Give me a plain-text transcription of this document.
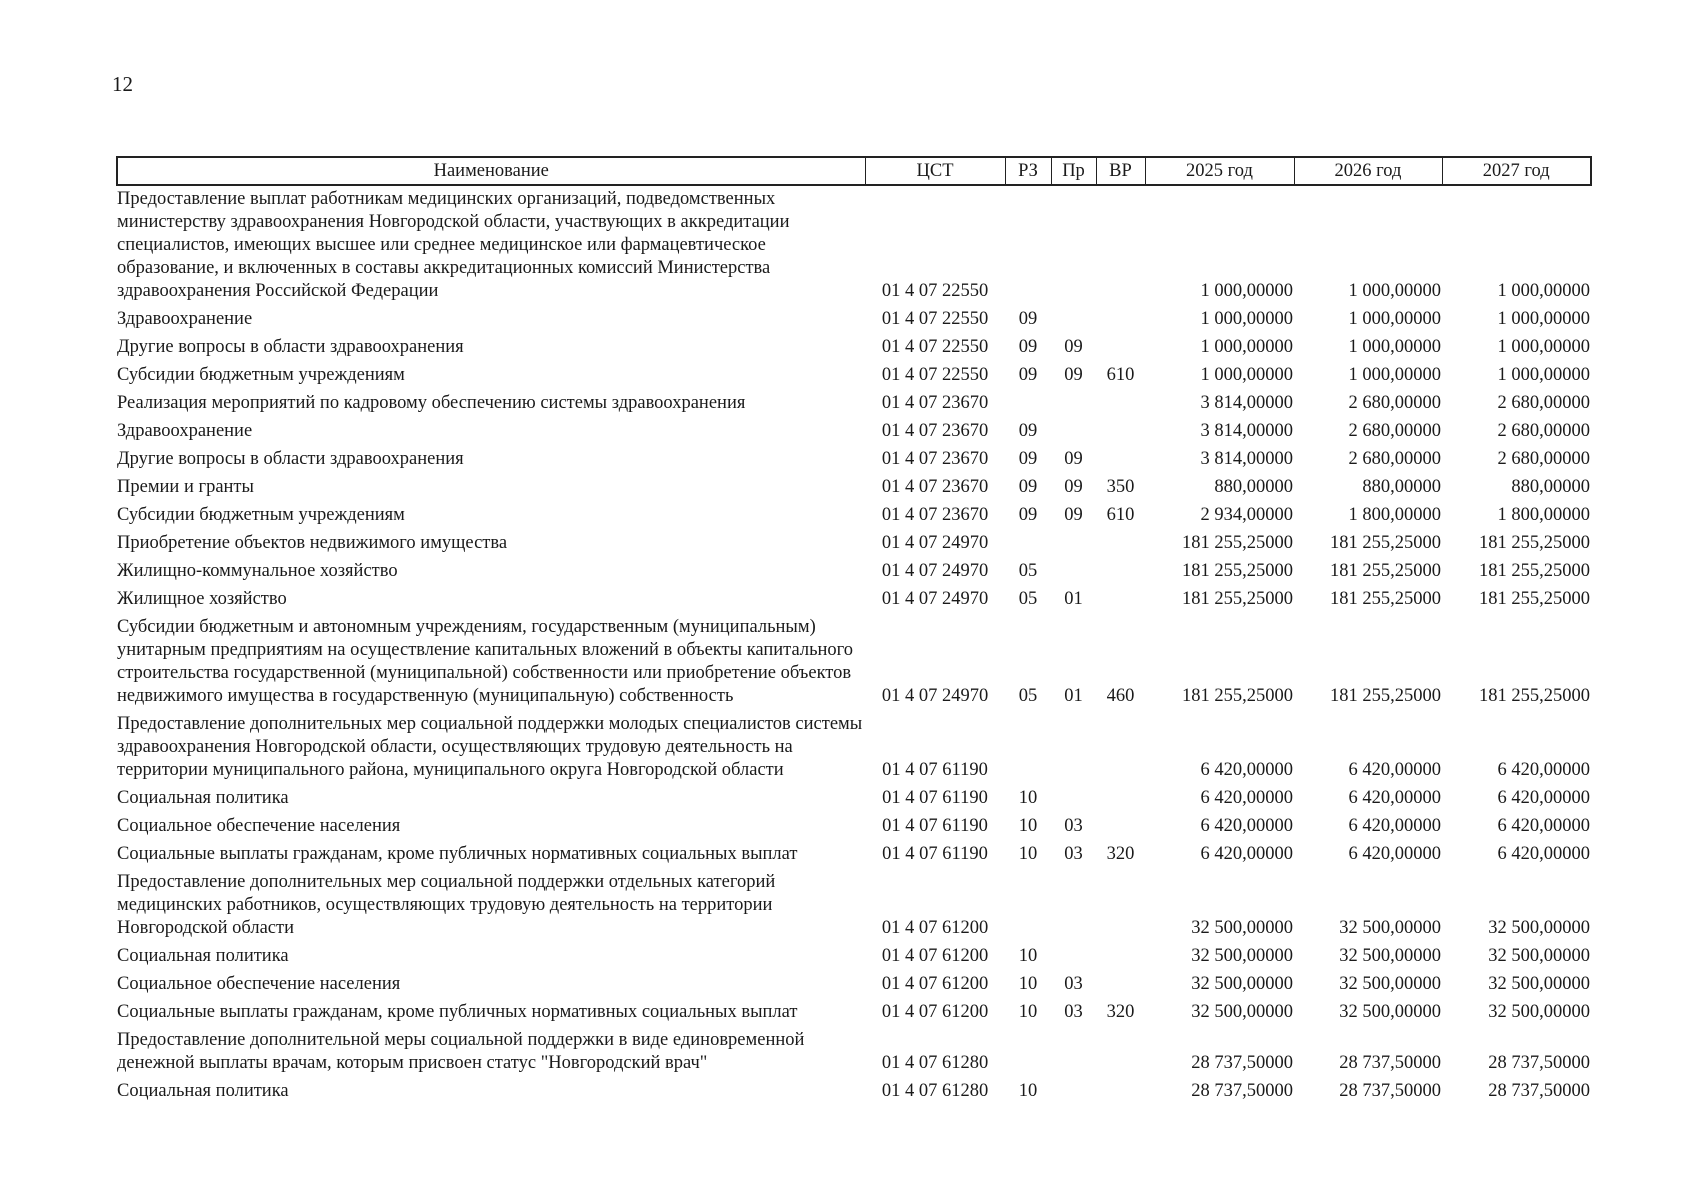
12
Наименование	ЦСТ	РЗ	Пр	ВР	2025 год	2026 год	2027 год
Предоставление выплат работникам медицинских организаций, подведомственных министерству здравоохранения Новгородской области, участвующих в аккредитации специалистов, имеющих высшее или среднее медицинское или фармацевтическое образование, и включенных в составы аккредитационных комиссий Министерства здравоохранения Российской Федерации	01 4 07 22550				1 000,00000	1 000,00000	1 000,00000
Здравоохранение	01 4 07 22550	09			1 000,00000	1 000,00000	1 000,00000
Другие вопросы в области здравоохранения	01 4 07 22550	09	09		1 000,00000	1 000,00000	1 000,00000
Субсидии бюджетным учреждениям	01 4 07 22550	09	09	610	1 000,00000	1 000,00000	1 000,00000
Реализация мероприятий по кадровому обеспечению системы здравоохранения	01 4 07 23670				3 814,00000	2 680,00000	2 680,00000
Здравоохранение	01 4 07 23670	09			3 814,00000	2 680,00000	2 680,00000
Другие вопросы в области здравоохранения	01 4 07 23670	09	09		3 814,00000	2 680,00000	2 680,00000
Премии и гранты	01 4 07 23670	09	09	350	880,00000	880,00000	880,00000
Субсидии бюджетным учреждениям	01 4 07 23670	09	09	610	2 934,00000	1 800,00000	1 800,00000
Приобретение объектов недвижимого имущества	01 4 07 24970				181 255,25000	181 255,25000	181 255,25000
Жилищно-коммунальное хозяйство	01 4 07 24970	05			181 255,25000	181 255,25000	181 255,25000
Жилищное хозяйство	01 4 07 24970	05	01		181 255,25000	181 255,25000	181 255,25000
Субсидии бюджетным и автономным учреждениям, государственным (муниципальным) унитарным предприятиям на осуществление капитальных вложений в объекты капитального строительства государственной (муниципальной) собственности или приобретение объектов недвижимого имущества в государственную (муниципальную) собственность	01 4 07 24970	05	01	460	181 255,25000	181 255,25000	181 255,25000
Предоставление дополнительных мер социальной поддержки молодых специалистов системы здравоохранения Новгородской области, осуществляющих трудовую деятельность на территории муниципального района, муниципального округа Новгородской области	01 4 07 61190				6 420,00000	6 420,00000	6 420,00000
Социальная политика	01 4 07 61190	10			6 420,00000	6 420,00000	6 420,00000
Социальное обеспечение населения	01 4 07 61190	10	03		6 420,00000	6 420,00000	6 420,00000
Социальные выплаты гражданам, кроме публичных нормативных социальных выплат	01 4 07 61190	10	03	320	6 420,00000	6 420,00000	6 420,00000
Предоставление дополнительных мер социальной поддержки отдельных категорий медицинских работников, осуществляющих трудовую деятельность на территории Новгородской области	01 4 07 61200				32 500,00000	32 500,00000	32 500,00000
Социальная политика	01 4 07 61200	10			32 500,00000	32 500,00000	32 500,00000
Социальное обеспечение населения	01 4 07 61200	10	03		32 500,00000	32 500,00000	32 500,00000
Социальные выплаты гражданам, кроме публичных нормативных социальных выплат	01 4 07 61200	10	03	320	32 500,00000	32 500,00000	32 500,00000
Предоставление дополнительной меры социальной поддержки в виде единовременной денежной выплаты врачам, которым присвоен статус "Новгородский врач"	01 4 07 61280				28 737,50000	28 737,50000	28 737,50000
Социальная политика	01 4 07 61280	10			28 737,50000	28 737,50000	28 737,50000
